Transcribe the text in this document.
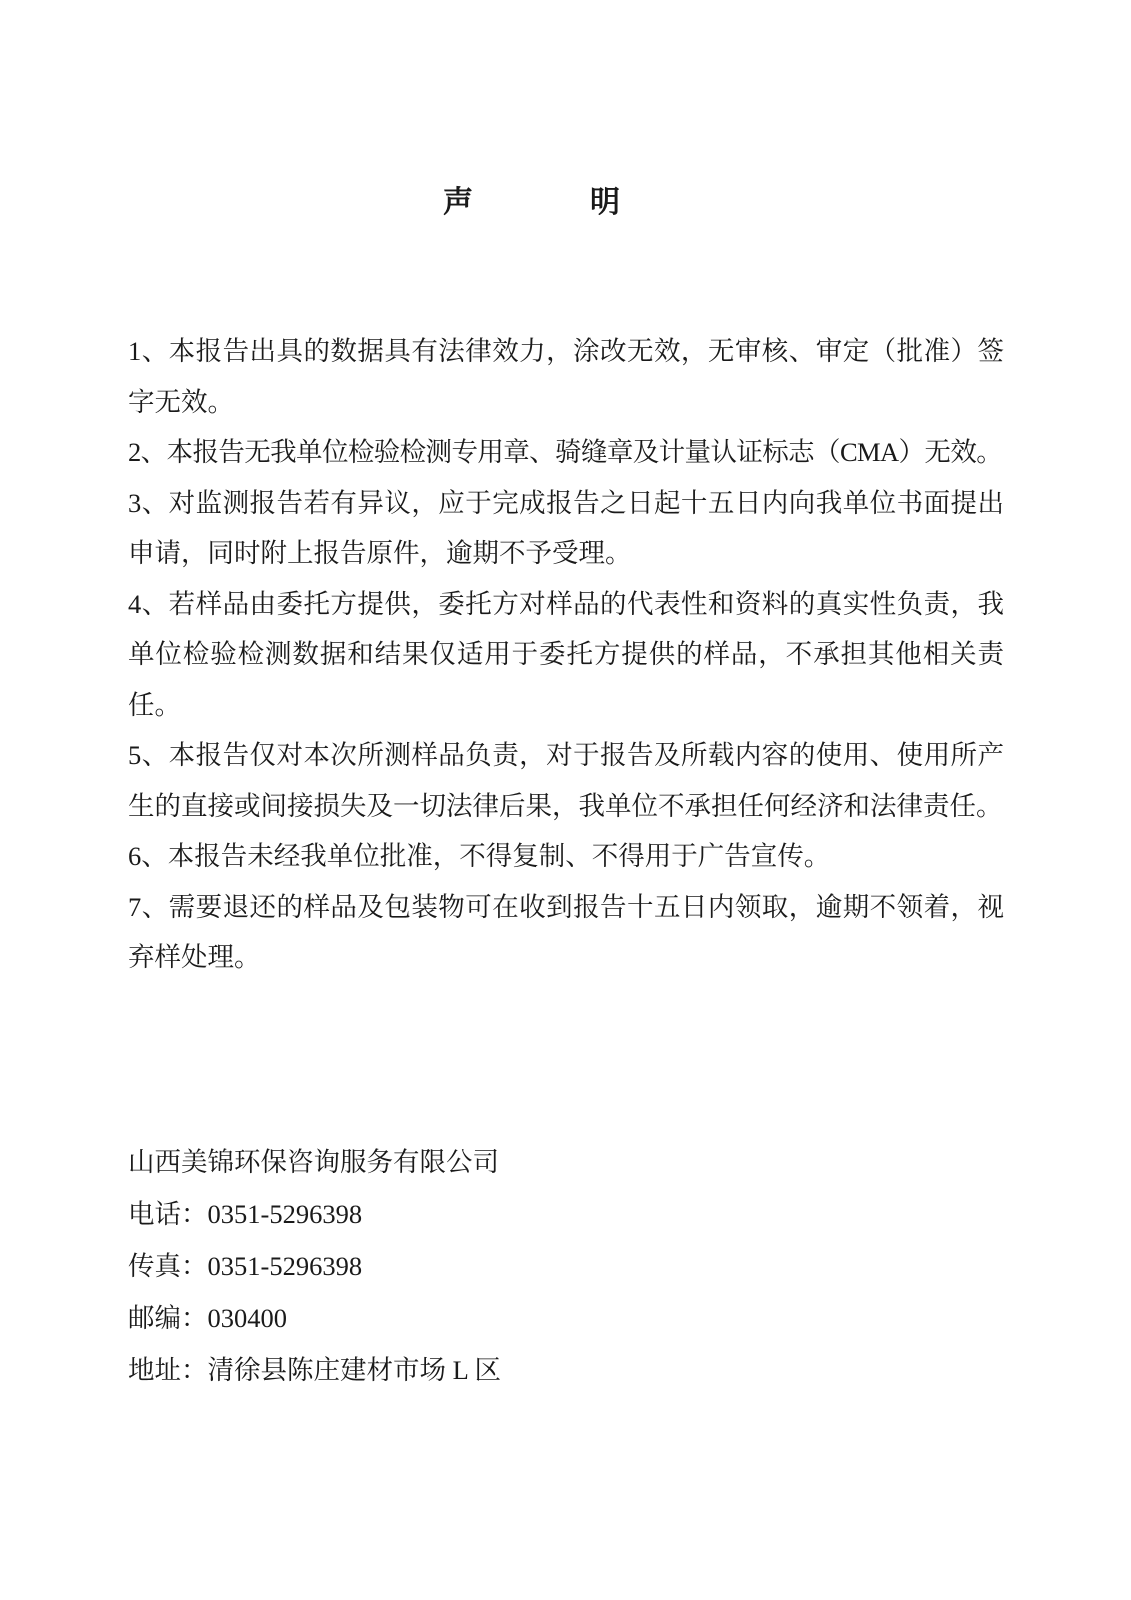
声	明

1、本报告出具的数据具有法律效力，涂改无效，无审核、审定（批准）签字无效。

2、本报告无我单位检验检测专用章、骑缝章及计量认证标志（CMA）无效。

3、对监测报告若有异议，应于完成报告之日起十五日内向我单位书面提出申请，同时附上报告原件，逾期不予受理。

4、若样品由委托方提供，委托方对样品的代表性和资料的真实性负责，我单位检验检测数据和结果仅适用于委托方提供的样品，不承担其他相关责任。

5、本报告仅对本次所测样品负责，对于报告及所载内容的使用、使用所产生的直接或间接损失及一切法律后果，我单位不承担任何经济和法律责任。

6、本报告未经我单位批准，不得复制、不得用于广告宣传。

7、需要退还的样品及包装物可在收到报告十五日内领取，逾期不领着，视弃样处理。

山西美锦环保咨询服务有限公司

电话：0351-5296398

传真：0351-5296398

邮编：030400

地址：清徐县陈庄建材市场 L 区
